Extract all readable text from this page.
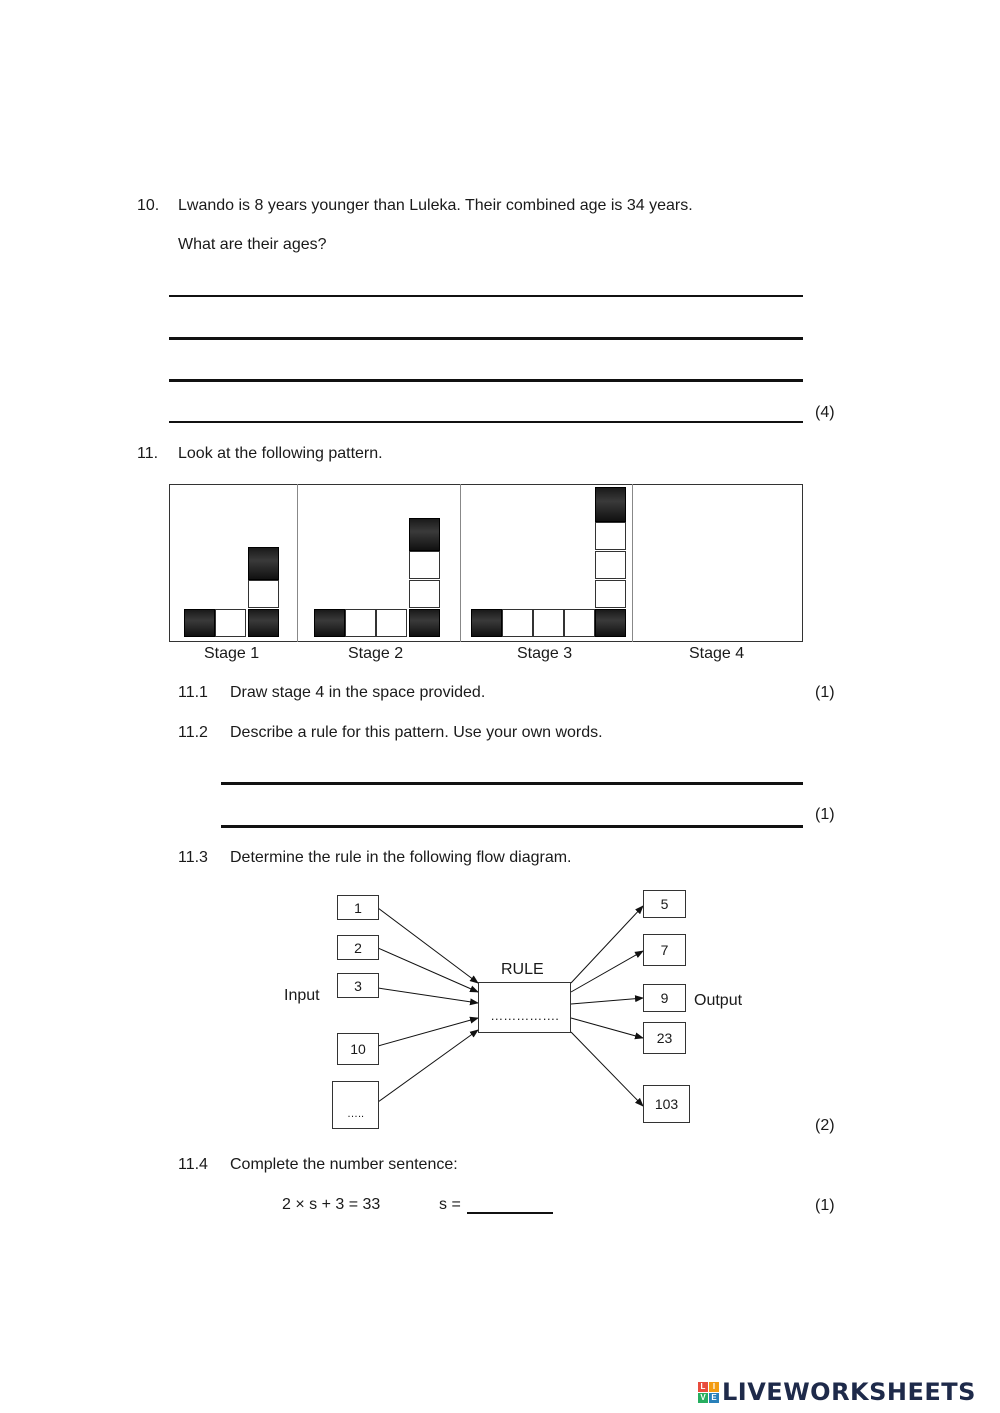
10. Lwando is 8 years younger than Luleka. Their combined age is 34 years.
What are their ages?
(4)
11. Look at the following pattern.
Stage 1	Stage 2	Stage 3	Stage 4
11.1 Draw stage 4 in the space provided.	(1)
11.2 Describe a rule for this pattern. Use your own words.
(1)
11.3 Determine the rule in the following flow diagram.
Input	Output
RULE
…………….
1
2
3
10
…..
5
7
9
23
103
(2)
11.4 Complete the number sentence:
2 × s + 3 = 33	s =	(1)
L I
V E LIVEWORKSHEETS
